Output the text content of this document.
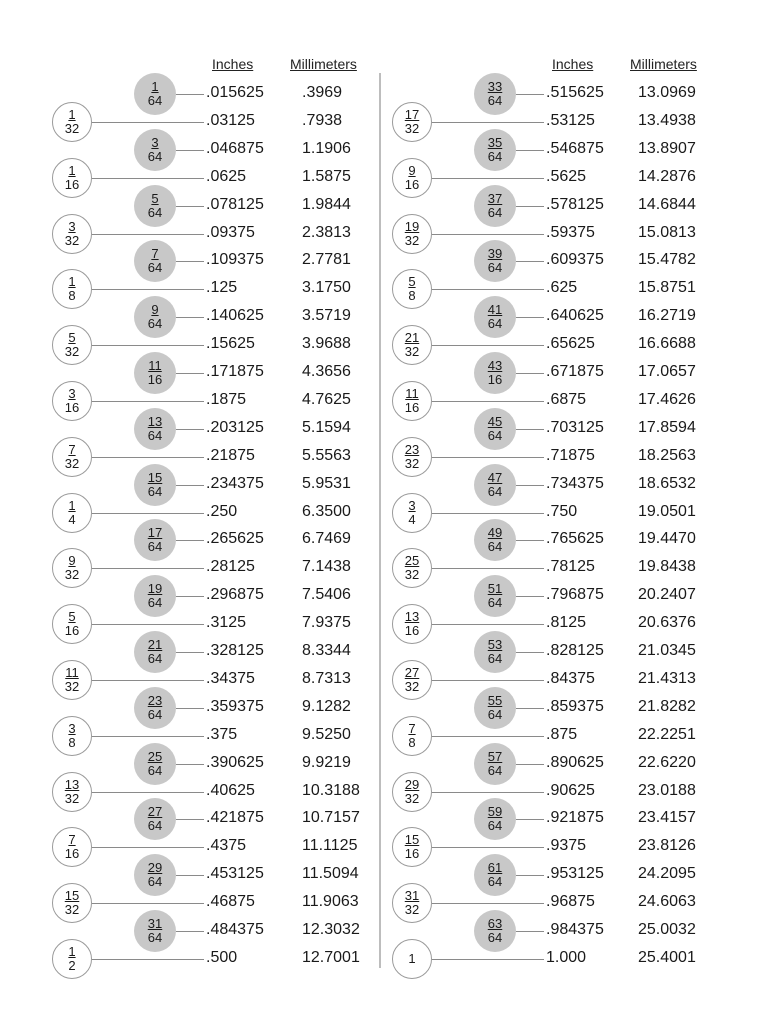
Inches	Millimeters
$\frac{1}{64} .015625$ .3969
$\frac{1}{32}$	.03125	.7938
$\frac{3}{64} .046875$ 1.1906
$\frac{1}{16}$	.0625	1.5875
$\frac{5}{64} .078125$ 1.9844
$\frac{3}{32}$	.09375	2.3813
$\frac{7}{64} .109375$ 2.7781
$\frac{1}{8}$	.125	3.1750
$\frac{9}{64} .140625$ 3.5719
$\frac{5}{32}$	.15625	3.9688
$\frac{11}{16} .171875$ 4.3656
$\frac{3}{16}$	.1875	4.7625
$\frac{13}{64} .203125$ 5.1594
$\frac{7}{32}$	.21875	5.5563
$\frac{15}{64} .234375$ 5.9531
$\frac{1}{4}$	.250	6.3500
$\frac{17}{64} .265625$ 6.7469
$\frac{9}{32}$	.28125	7.1438
$\frac{19}{64} .296875$ 7.5406
$\frac{5}{16}$	.3125	7.9375
$\frac{21}{64} .328125$ 8.3344
$\frac{11}{32}$	.34375	8.7313
$\frac{23}{64} .359375$ 9.1282
$\frac{3}{8}$	.375	9.5250
$\frac{25}{64} .390625$ 9.9219
$\frac{13}{32}$	.40625	10.3188
$\frac{27}{64} .421875$ 10.7157
$\frac{7}{16}$	.4375	11.1125
$\frac{29}{64} .453125$ 11.5094
$\frac{15}{32}$	.46875	11.9063
$\frac{31}{64} .484375$ 12.3032
$\frac{1}{2}$	.500	12.7001
Inches	Millimeters
$\frac{33}{64} .515625$ 13.0969
$\frac{17}{32}$	.53125	13.4938
$\frac{35}{64} .546875$ 13.8907
$\frac{9}{16}$	.5625	14.2876
$\frac{37}{64} .578125$ 14.6844
$\frac{19}{32}$	.59375	15.0813
$\frac{39}{64} .609375$ 15.4782
$\frac{5}{8}$	.625	15.8751
$\frac{41}{64} .640625$ 16.2719
$\frac{21}{32}$	.65625	16.6688
$\frac{43}{16} .671875$ 17.0657
$\frac{11}{16}$	.6875	17.4626
$\frac{45}{64} .703125$ 17.8594
$\frac{23}{32}$	.71875	18.2563
$\frac{47}{64} .734375$ 18.6532
$\frac{3}{4}$	.750	19.0501
$\frac{49}{64} .765625$ 19.4470
$\frac{25}{32}$	.78125	19.8438
$\frac{51}{64} .796875$ 20.2407
$\frac{13}{16}$	.8125	20.6376
$\frac{53}{64} .828125$ 21.0345
$\frac{27}{32}$	.84375	21.4313
$\frac{55}{64} .859375$ 21.8282
$\frac{7}{8}$	.875	22.2251
$\frac{57}{64} .890625$ 22.6220
$\frac{29}{32}$	.90625	23.0188
$\frac{59}{64} .921875$ 23.4157
$\frac{15}{16}$	.9375	23.8126
$\frac{61}{64} .953125$ 24.2095
$\frac{31}{32}$	.96875	24.6063
$\frac{63}{64} .984375$ 25.0032
1	1.000	25.4001
